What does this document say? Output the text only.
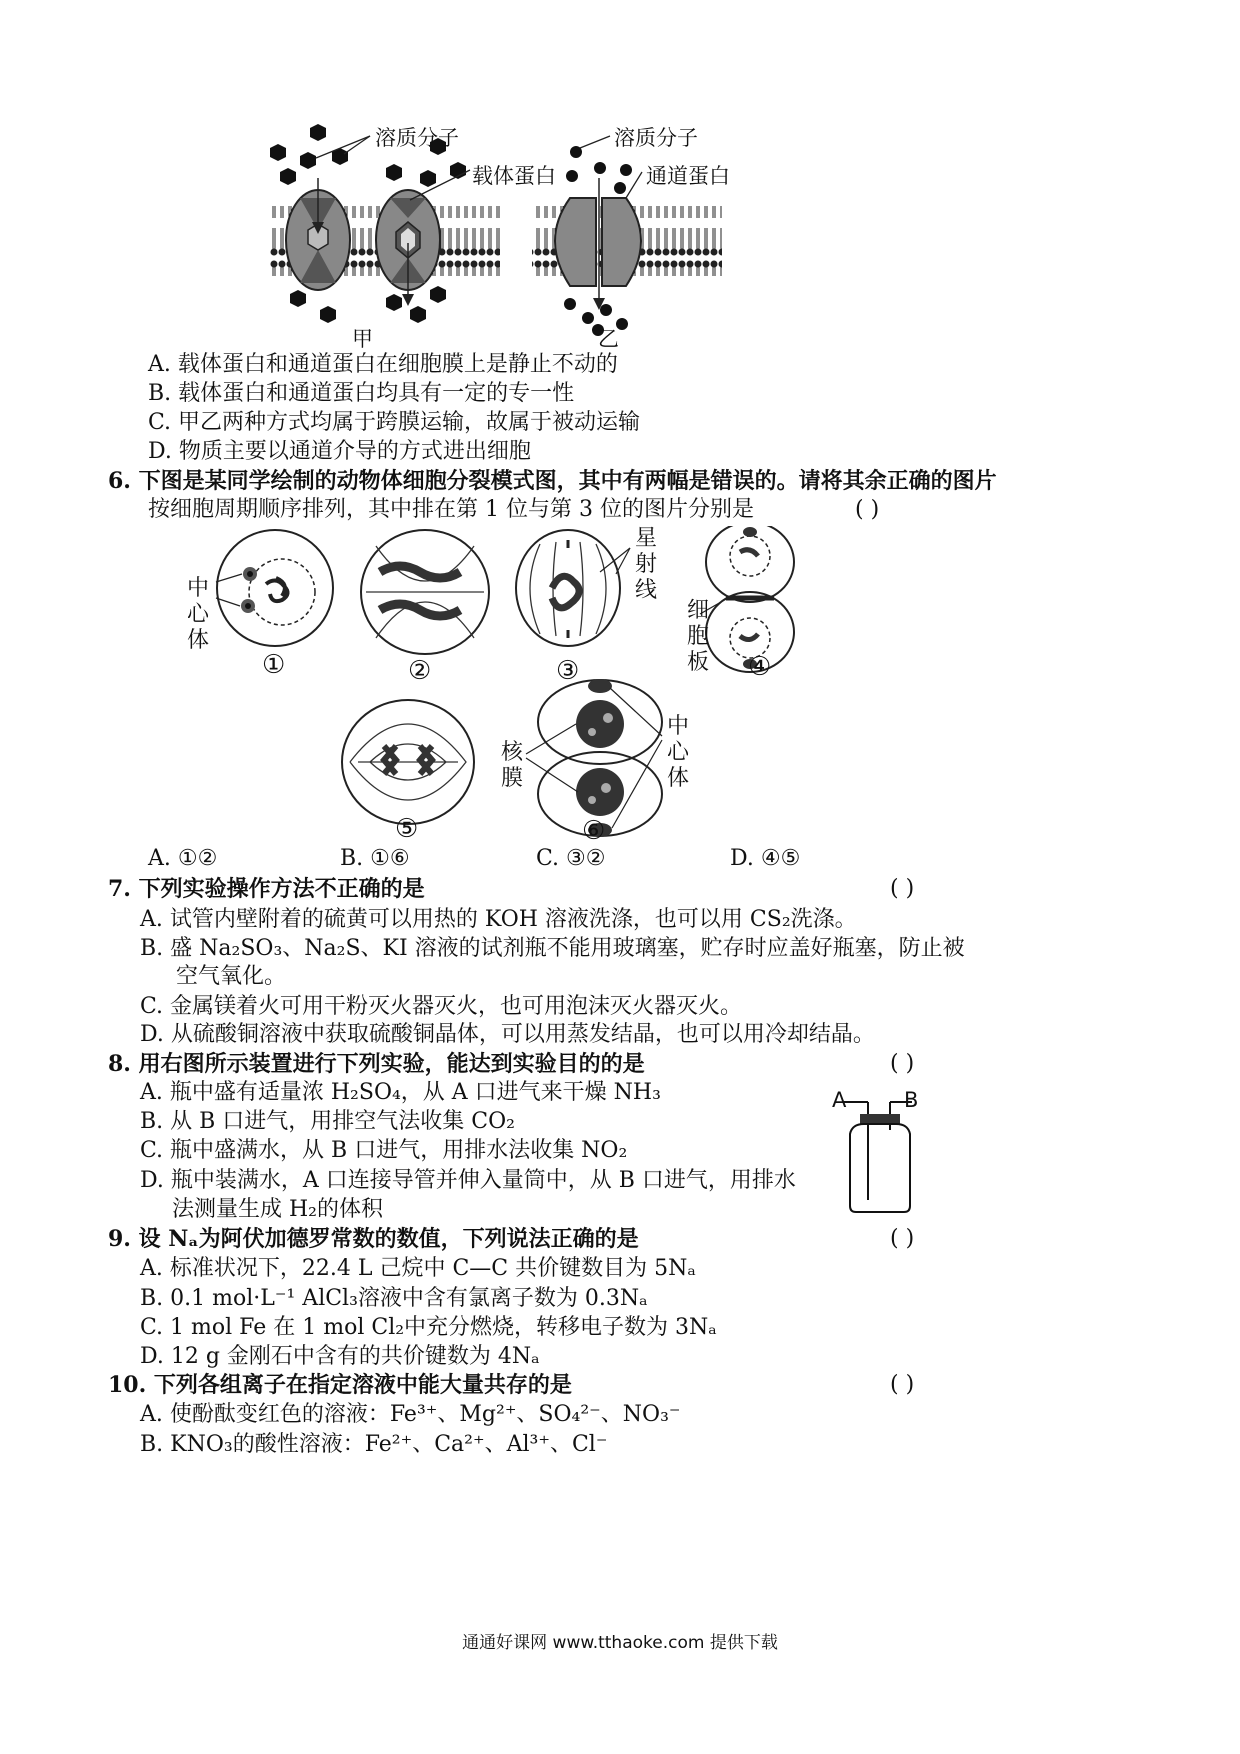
溶质分子
载体蛋白
溶质分子
通道蛋白
甲	乙
A. 载体蛋白和通道蛋白在细胞膜上是静止不动的
B. 载体蛋白和通道蛋白均具有一定的专一性
C. 甲乙两种方式均属于跨膜运输，故属于被动运输
D. 物质主要以通道介导的方式进出细胞
6. 下图是某同学绘制的动物体细胞分裂模式图，其中有两幅是错误的。请将其余正确的图片
按细胞周期顺序排列，其中排在第 1 位与第 3 位的图片分别是	( )
中心体
星射线
细胞板
核膜
中心体
①	②	③	④
⑤	⑥
A. ①②	B. ①⑥	C. ③②	D. ④⑤
7. 下列实验操作方法不正确的是	( )
A. 试管内壁附着的硫黄可以用热的 KOH 溶液洗涤，也可以用 CS₂洗涤。
B. 盛 Na₂SO₃、Na₂S、KI 溶液的试剂瓶不能用玻璃塞，贮存时应盖好瓶塞，防止被
空气氧化。
C. 金属镁着火可用干粉灭火器灭火，也可用泡沫灭火器灭火。
D. 从硫酸铜溶液中获取硫酸铜晶体，可以用蒸发结晶，也可以用冷却结晶。
8. 用右图所示装置进行下列实验，能达到实验目的的是	( )
A. 瓶中盛有适量浓 H₂SO₄，从 A 口进气来干燥 NH₃
B. 从 B 口进气，用排空气法收集 CO₂
C. 瓶中盛满水，从 B 口进气，用排水法收集 NO₂
D. 瓶中装满水，A 口连接导管并伸入量筒中，从 B 口进气，用排水
法测量生成 H₂的体积
A	B
9. 设 Nₐ为阿伏加德罗常数的数值，下列说法正确的是	( )
A. 标准状况下，22.4 L 己烷中 C—C 共价键数目为 5Nₐ
B. 0.1 mol·L⁻¹ AlCl₃溶液中含有氯离子数为 0.3Nₐ
C. 1 mol Fe 在 1 mol Cl₂中充分燃烧，转移电子数为 3Nₐ
D. 12 g 金刚石中含有的共价键数为 4Nₐ
10. 下列各组离子在指定溶液中能大量共存的是	( )
A. 使酚酞变红色的溶液：Fe³⁺、Mg²⁺、SO₄²⁻、NO₃⁻
B. KNO₃的酸性溶液：Fe²⁺、Ca²⁺、Al³⁺、Cl⁻
通通好课网 www.tthaoke.com 提供下载
